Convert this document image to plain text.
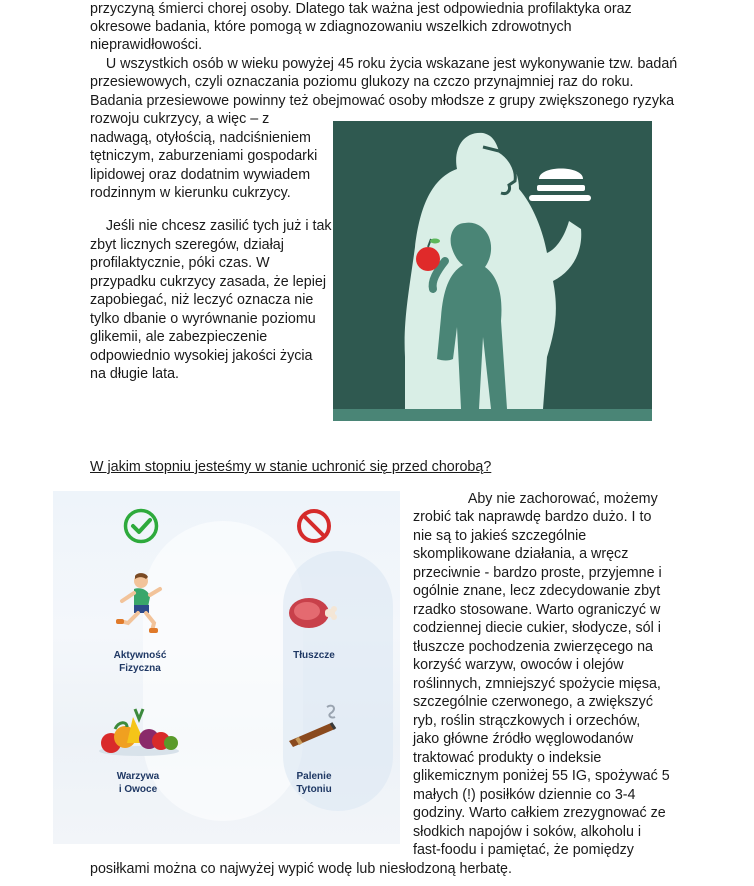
przyczyną śmierci chorej osoby. Dlatego tak ważna jest odpowiednia profilaktyka oraz
okresowe badania, które pomogą w zdiagnozowaniu wszelkich zdrowotnych
nieprawidłowości.
U wszystkich osób w wieku powyżej 45 roku życia wskazane jest wykonywanie tzw. badań
przesiewowych, czyli oznaczania poziomu glukozy na czczo przynajmniej raz do roku.
Badania przesiewowe powinny też obejmować osoby młodsze z grupy zwiększonego ryzyka
rozwoju cukrzycy, a więc – z
nadwagą, otyłością, nadciśnieniem
tętniczym, zaburzeniami gospodarki
lipidowej oraz dodatnim wywiadem
rodzinnym w kierunku cukrzycy.
Jeśli nie chcesz zasilić tych już i tak
zbyt licznych szeregów, działaj
profilaktycznie, póki czas. W
przypadku cukrzycy zasada, że lepiej
zapobiegać, niż leczyć oznacza nie
tylko dbanie o wyrównanie poziomu
glikemii, ale zabezpieczenie
odpowiednio wysokiej jakości życia
na długie lata.
W jakim stopniu jesteśmy w stanie uchronić się przed chorobą?
Aktywność
Fizyczna
Tłuszcze
Warzywa
i Owoce
Palenie
Tytoniu
Aby nie zachorować, możemy
zrobić tak naprawdę bardzo dużo. I to
nie są to jakieś szczególnie
skomplikowane działania, a wręcz
przeciwnie - bardzo proste, przyjemne i
ogólnie znane, lecz zdecydowanie zbyt
rzadko stosowane. Warto ograniczyć w
codziennej diecie cukier, słodycze, sól i
tłuszcze pochodzenia zwierzęcego na
korzyść warzyw, owoców i olejów
roślinnych, zmniejszyć spożycie mięsa,
szczególnie czerwonego, a zwiększyć
ryb, roślin strączkowych i orzechów,
jako główne źródło węglowodanów
traktować produkty o indeksie
glikemicznym poniżej 55 IG, spożywać 5
małych (!) posiłków dziennie co 3-4
godziny. Warto całkiem zrezygnować ze
słodkich napojów i soków, alkoholu i
fast-foodu i pamiętać, że pomiędzy
posiłkami można co najwyżej wypić wodę lub niesłodzoną herbatę.
